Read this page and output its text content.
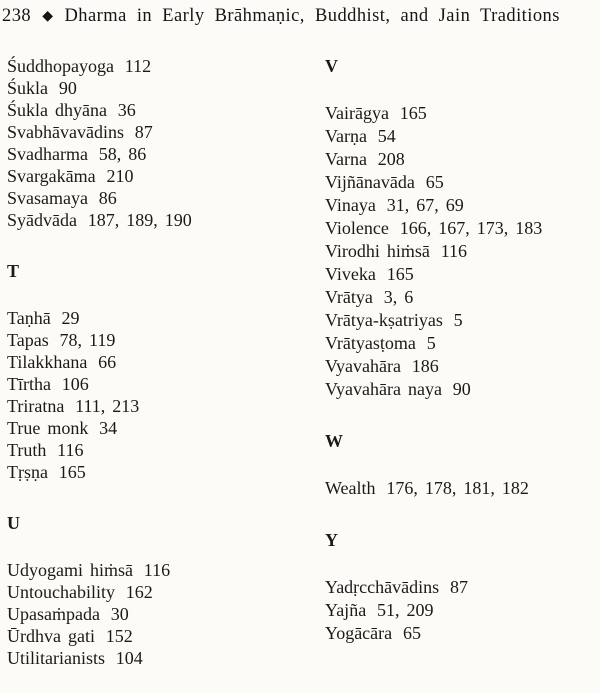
238 ◆ Dharma in Early Brāhmaṇic, Buddhist, and Jain Traditions
Śuddhopayoga 112
Śukla 90
Śukla dhyāna 36
Svabhāvavādins 87
Svadharma 58, 86
Svargakāma 210
Svasamaya 86
Syādvāda 187, 189, 190
T
Taṇhā 29
Tapas 78, 119
Tilakkhana 66
Tīrtha 106
Triratna 111, 213
True monk 34
Truth 116
Tṛṣṇa 165
U
Udyogami hiṁsā 116
Untouchability 162
Upasaṁpada 30
Ūrdhva gati 152
Utilitarianists 104
V
Vairāgya 165
Varṇa 54
Varna 208
Vijñānavāda 65
Vinaya 31, 67, 69
Violence 166, 167, 173, 183
Virodhi hiṁsā 116
Viveka 165
Vrātya 3, 6
Vrātya-kṣatriyas 5
Vrātyasṭoma 5
Vyavahāra 186
Vyavahāra naya 90
W
Wealth 176, 178, 181, 182
Y
Yadṛcchāvādins 87
Yajña 51, 209
Yogācāra 65
